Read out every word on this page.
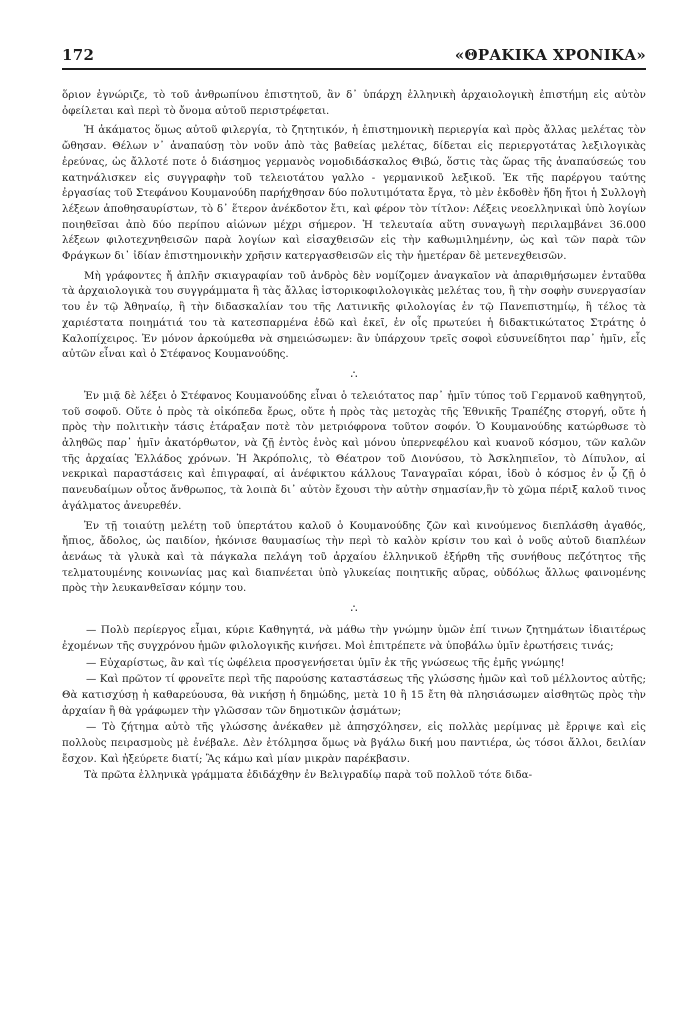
172	«ΘΡΑΚΙΚΑ ΧΡΟΝΙΚΑ»

ὅριον ἐγνώριζε, τὸ τοῦ ἀνθρωπίνου ἐπιστητοῦ, ἂν δ᾽ ὑπάρχη ἑλληνικὴ ἀρχαιολογικὴ ἐπιστήμη εἰς αὐτὸν ὀφείλεται καὶ περὶ τὸ ὄνομα αὐτοῦ περιστρέφεται.

Ἡ ἀκάματος ὅμως αὐτοῦ φιλεργία, τὸ ζητητικόν, ἡ ἐπιστημονικὴ περιεργία καὶ πρὸς ἄλλας μελέτας τὸν ὤθησαν. Θέλων ν᾽ ἀναπαύσῃ τὸν νοῦν ἀπὸ τὰς βαθείας μελέτας, δίδεται εἰς περιεργοτάτας λεξιλογικὰς ἐρεύνας, ὡς ἄλλοτέ ποτε ὁ διάσημος γερμανὸς νομοδιδάσκαλος Θιβώ, ὅστις τὰς ὥρας τῆς ἀναπαύσεώς του κατηνάλισκεν εἰς συγγραφὴν τοῦ τελειοτάτου γαλλο - γερμανικοῦ λεξικοῦ. Ἐκ τῆς παρέργου ταύτης ἐργασίας τοῦ Στεφάνου Κουμανούδη παρήχθησαν δύο πολυτιμότατα ἔργα, τὸ μὲν ἐκδοθὲν ἤδη ἤτοι ἡ Συλλογὴ λέξεων ἀποθησαυρίστων, τὸ δ᾽ ἕτερον ἀνέκδοτον ἔτι, καὶ φέρον τὸν τίτλον: Λέξεις νεοελληνικαὶ ὑπὸ λογίων ποιηθεῖσαι ἀπὸ δύο περίπου αἰώνων μέχρι σήμερον. Ἡ τελευταία αὕτη συναγωγὴ περιλαμβάνει 36.000 λέξεων φιλοτεχνηθεισῶν παρὰ λογίων καὶ εἰσαχθεισῶν εἰς τὴν καθωμιλημένην, ὡς καὶ τῶν παρὰ τῶν Φράγκων δι᾽ ἰδίαν ἐπιστημονικὴν χρῆσιν κατεργασθεισῶν εἰς τὴν ἡμετέραν δὲ μετενεχθεισῶν.

Μὴ γράφοντες ἤ ἁπλῆν σκιαγραφίαν τοῦ ἀνδρὸς δὲν νομίζομεν ἀναγκαῖον νὰ ἀπαριθμήσωμεν ἐνταῦθα τὰ ἀρχαιολογικὰ του συγγράμματα ἢ τὰς ἄλλας ἱστορικοφιλολογικὰς μελέτας του, ἢ τὴν σοφὴν συνεργασίαν του ἐν τῷ Ἀθηναίῳ, ἢ τὴν διδασκαλίαν του τῆς Λατινικῆς φιλολογίας ἐν τῷ Πανεπιστημίῳ, ἢ τέλος τὰ χαριέστατα ποιημάτιά του τὰ κατεσπαρμένα ἐδῶ καὶ ἐκεῖ, ἐν οἷς πρωτεύει ἡ διδακτικώτατος Στράτης ὁ Καλοπίχειρος. Ἐν μόνον ἀρκούμεθα νὰ σημειώσωμεν: ἂν ὑπάρχουν τρεῖς σοφοὶ εὐσυνείδητοι παρ᾽ ἡμῖν, εἷς αὐτῶν εἶναι καὶ ὁ Στέφανος Κουμανούδης.

∴

Ἐν μιᾷ δὲ λέξει ὁ Στέφανος Κουμανούδης εἶναι ὁ τελειότατος παρ᾽ ἡμῖν τύπος τοῦ Γερμανοῦ καθηγητοῦ, τοῦ σοφοῦ. Οὔτε ὁ πρὸς τὰ οἰκόπεδα ἔρως, οὔτε ἡ πρὸς τὰς μετοχὰς τῆς Ἐθνικῆς Τραπέζης στοργή, οὔτε ἡ πρὸς τὴν πολιτικὴν τάσις ἐτάραξαν ποτὲ τὸν μετριόφρονα τοῦτον σοφόν. Ὁ Κουμανούδης κατώρθωσε τὸ ἀληθῶς παρ᾽ ἡμῖν ἀκατόρθωτον, νὰ ζῇ ἐντὸς ἑνὸς καὶ μόνου ὑπερνεφέλου καὶ κυανοῦ κόσμου, τῶν καλῶν τῆς ἀρχαίας Ἑλλάδος χρόνων. Ἡ Ἀκρόπολις, τὸ Θέατρον τοῦ Διονύσου, τὸ Ἀσκληπιεῖον, τὸ Δίπυλον, αἱ νεκρικαὶ παραστάσεις καὶ ἐπιγραφαί, αἱ ἀνέφικτου κάλλους Ταναγραῖαι κόραι, ἰδοὺ ὁ κόσμος ἐν ᾧ ζῇ ὁ πανευδαίμων οὗτος ἄνθρωπος, τὰ λοιπὰ δι᾽ αὐτὸν ἔχουσι τὴν αὐτὴν σημασίαν,ἣν τὸ χῶμα πέριξ καλοῦ τινος ἀγάλματος ἀνευρεθέν.

Ἐν τῇ τοιαύτῃ μελέτῃ τοῦ ὑπερτάτου καλοῦ ὁ Κουμανούδης ζῶν καὶ κινούμενος διεπλάσθη ἀγαθός, ἤπιος, ἄδολος, ὡς παιδίον, ἠκόνισε θαυμασίως τὴν περὶ τὸ καλὸν κρίσιν του καὶ ὁ νοῦς αὐτοῦ διαπλέων ἀενάως τὰ γλυκὰ καὶ τὰ πάγκαλα πελάγη τοῦ ἀρχαίου ἑλληνικοῦ ἐξήρθη τῆς συνήθους πεζότητος τῆς τελματουμένης κοινωνίας μας καὶ διαπνέεται ὑπὸ γλυκείας ποιητικῆς αὔρας, οὐδόλως ἄλλως φαινομένης πρὸς τὴν λευκανθεῖσαν κόμην του.

∴

— Πολὺ περίεργος εἶμαι, κύριε Καθηγητά, νὰ μάθω τὴν γνώμην ὑμῶν ἐπί τινων ζητημάτων ἰδιαιτέρως ἐχομένων τῆς συγχρόνου ἡμῶν φιλολογικῆς κινήσει. Μοὶ ἐπιτρέπετε νὰ ὑποβάλω ὑμῖν ἐρωτήσεις τινάς;

— Εὐχαρίστως, ἂν καὶ τίς ὠφέλεια προσγενήσεται ὑμῖν ἐκ τῆς γνώσεως τῆς ἐμῆς γνώμης!

— Καὶ πρῶτον τί φρονεῖτε περὶ τῆς παρούσης καταστάσεως τῆς γλώσσης ἡμῶν καὶ τοῦ μέλλοντος αὐτῆς; Θὰ κατισχύσῃ ἡ καθαρεύουσα, θὰ νικήσῃ ἡ δημώδης, μετὰ 10 ἢ 15 ἔτη θὰ πλησιάσωμεν αἰσθητῶς πρὸς τὴν ἀρχαίαν ἢ θὰ γράφωμεν τὴν γλῶσσαν τῶν δημοτικῶν ᾀσμάτων;

— Τὸ ζήτημα αὐτὸ τῆς γλώσσης ἀνέκαθεν μὲ ἀπησχόλησεν, εἰς πολλὰς μερίμνας μὲ ἔρριψε καὶ εἰς πολλοὺς πειρασμοὺς μὲ ἐνέβαλε. Δὲν ἐτόλμησα ὅμως νὰ βγάλω δική μου παντιέρα, ὡς τόσοι ἄλλοι, δειλίαν ἔσχον. Καὶ ἠξεύρετε διατί; Ἂς κάμω καὶ μίαν μικρὰν παρέκβασιν.

Τὰ πρῶτα ἑλληνικὰ γράμματα ἐδιδάχθην ἐν Βελιγραδίῳ παρὰ τοῦ πολλοῦ τότε διδα-
